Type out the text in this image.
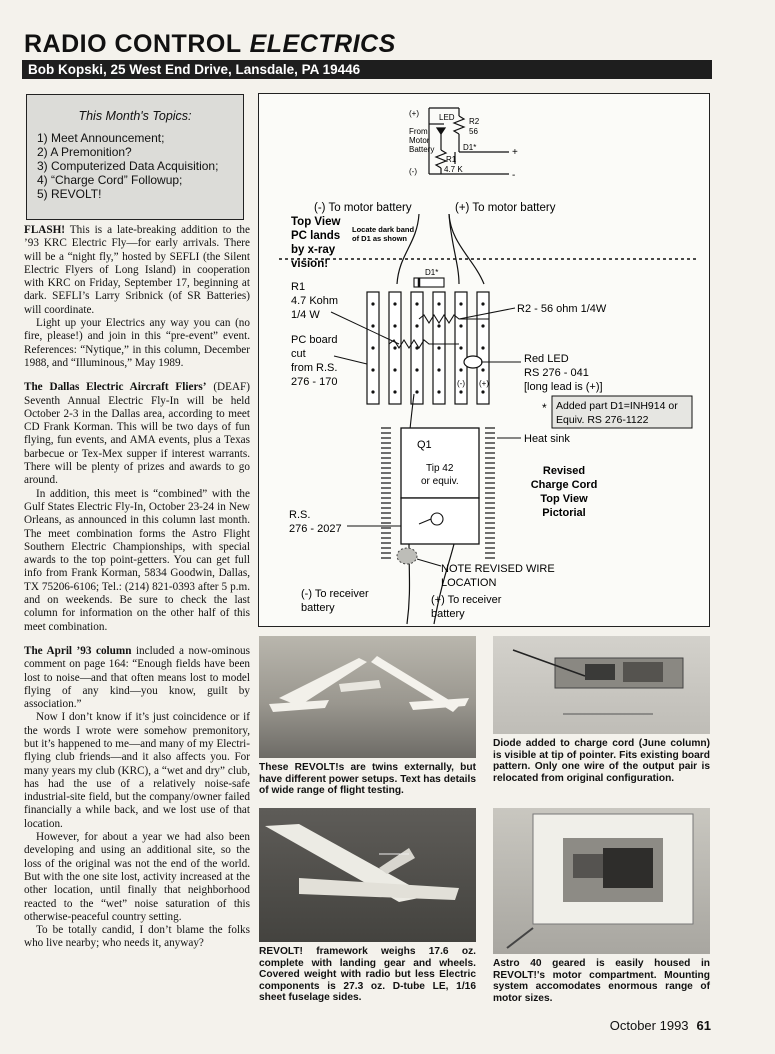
RADIO CONTROL ELECTRICS
Bob Kopski, 25 West End Drive, Lansdale, PA 19446
This Month's Topics:
1) Meet Announcement;
2) A Premonition?
3) Computerized Data Acquisition;
4) “Charge Cord” Followup;
5) REVOLT!

FLASH! This is a late-breaking addition to the ’93 KRC Electric Fly—for early arrivals. There will be a “night fly,” hosted by SEFLI (the Silent Electric Flyers of Long Island) in cooperation with KRC on Friday, September 17, beginning at dark. SEFLI’s Larry Sribnick (of SR Batteries) will coordinate.

Light up your Electrics any way you can (no fire, please!) and join in this “pre-event” event. References: “Nytique,” in this column, December 1988, and “Illuminous,” May 1989.

The Dallas Electric Aircraft Fliers’ (DEAF) Seventh Annual Electric Fly-In will be held October 2-3 in the Dallas area, according to meet CD Frank Korman. This will be two days of fun flying, fun events, and AMA events, plus a Texas barbecue or Tex-Mex supper if interest warrants. There will be plenty of prizes and awards to go around.

In addition, this meet is “combined” with the Gulf States Electric Fly-In, October 23-24 in New Orleans, as announced in this column last month. The meet combination forms the Astro Flight Southern Electric Championships, with special awards to the top point-getters. You can get full info from Frank Korman, 5834 Goodwin, Dallas, TX 75206-6106; Tel.: (214) 821-0393 after 5 p.m. and on weekends. Be sure to check the last column for information on the other half of this meet combination.

The April ’93 column included a now-ominous comment on page 164: “Enough fields have been lost to noise—and that often means lost to model flying of any kind—you know, guilt by association.”

Now I don’t know if it’s just coincidence or if the words I wrote were somehow premonitory, but it’s happened to me—and many of my Electri-flying club friends—and it also affects you. For many years my club (KRC), a “wet and dry” club, has had the use of a relatively noise-safe industrial-site field, but the company/owner failed financially a while back, and we lost use of that location.

However, for about a year we had also been developing and using an additional site, so the loss of the original was not the end of the world. But with the one site lost, activity increased at the other location, until finally that neighborhood reacted to the “wet” noise saturation of this otherwise-peaceful country setting.

To be totally candid, I don’t blame the folks who live nearby; who needs it, anyway?

(+)
From
Motor
Battery
(-)
LED R2
56
D1*
R1
4.7 K
+
-
(-) To motor battery	(+) To motor battery
Top View
PC lands
by x-ray
vision!
Locate dark band
of D1 as shown
D1*
(-) (+)
R1
4.7 Kohm
1/4 W	R2 - 56 ohm 1/4W
PC board
cut
from R.S.
276 - 170
Red LED
RS 276 - 041
[long lead is (+)]
* Added part D1=INH914 or
Equiv. RS 276-1122
Q1
Tip 42
or equiv.
Heat sink
Revised
Charge Cord
Top View
Pictorial
R.S.
276 - 2027
NOTE REVISED WIRE
LOCATION
(-) To receiver
battery
(+) To receiver
battery
These REVOLT!s are twins externally, but have different power setups. Text has details of wide range of flight testing.
Diode added to charge cord (June column) is visible at tip of pointer. Fits existing board pattern. Only one wire of the output pair is relocated from original configuration.
REVOLT! framework weighs 17.6 oz. complete with landing gear and wheels. Covered weight with radio but less Electric components is 27.3 oz. D-tube LE, 1/16 sheet fuselage sides.
Astro 40 geared is easily housed in REVOLT!'s motor compartment. Mounting system accomodates enormous range of motor sizes.
October 1993 61
